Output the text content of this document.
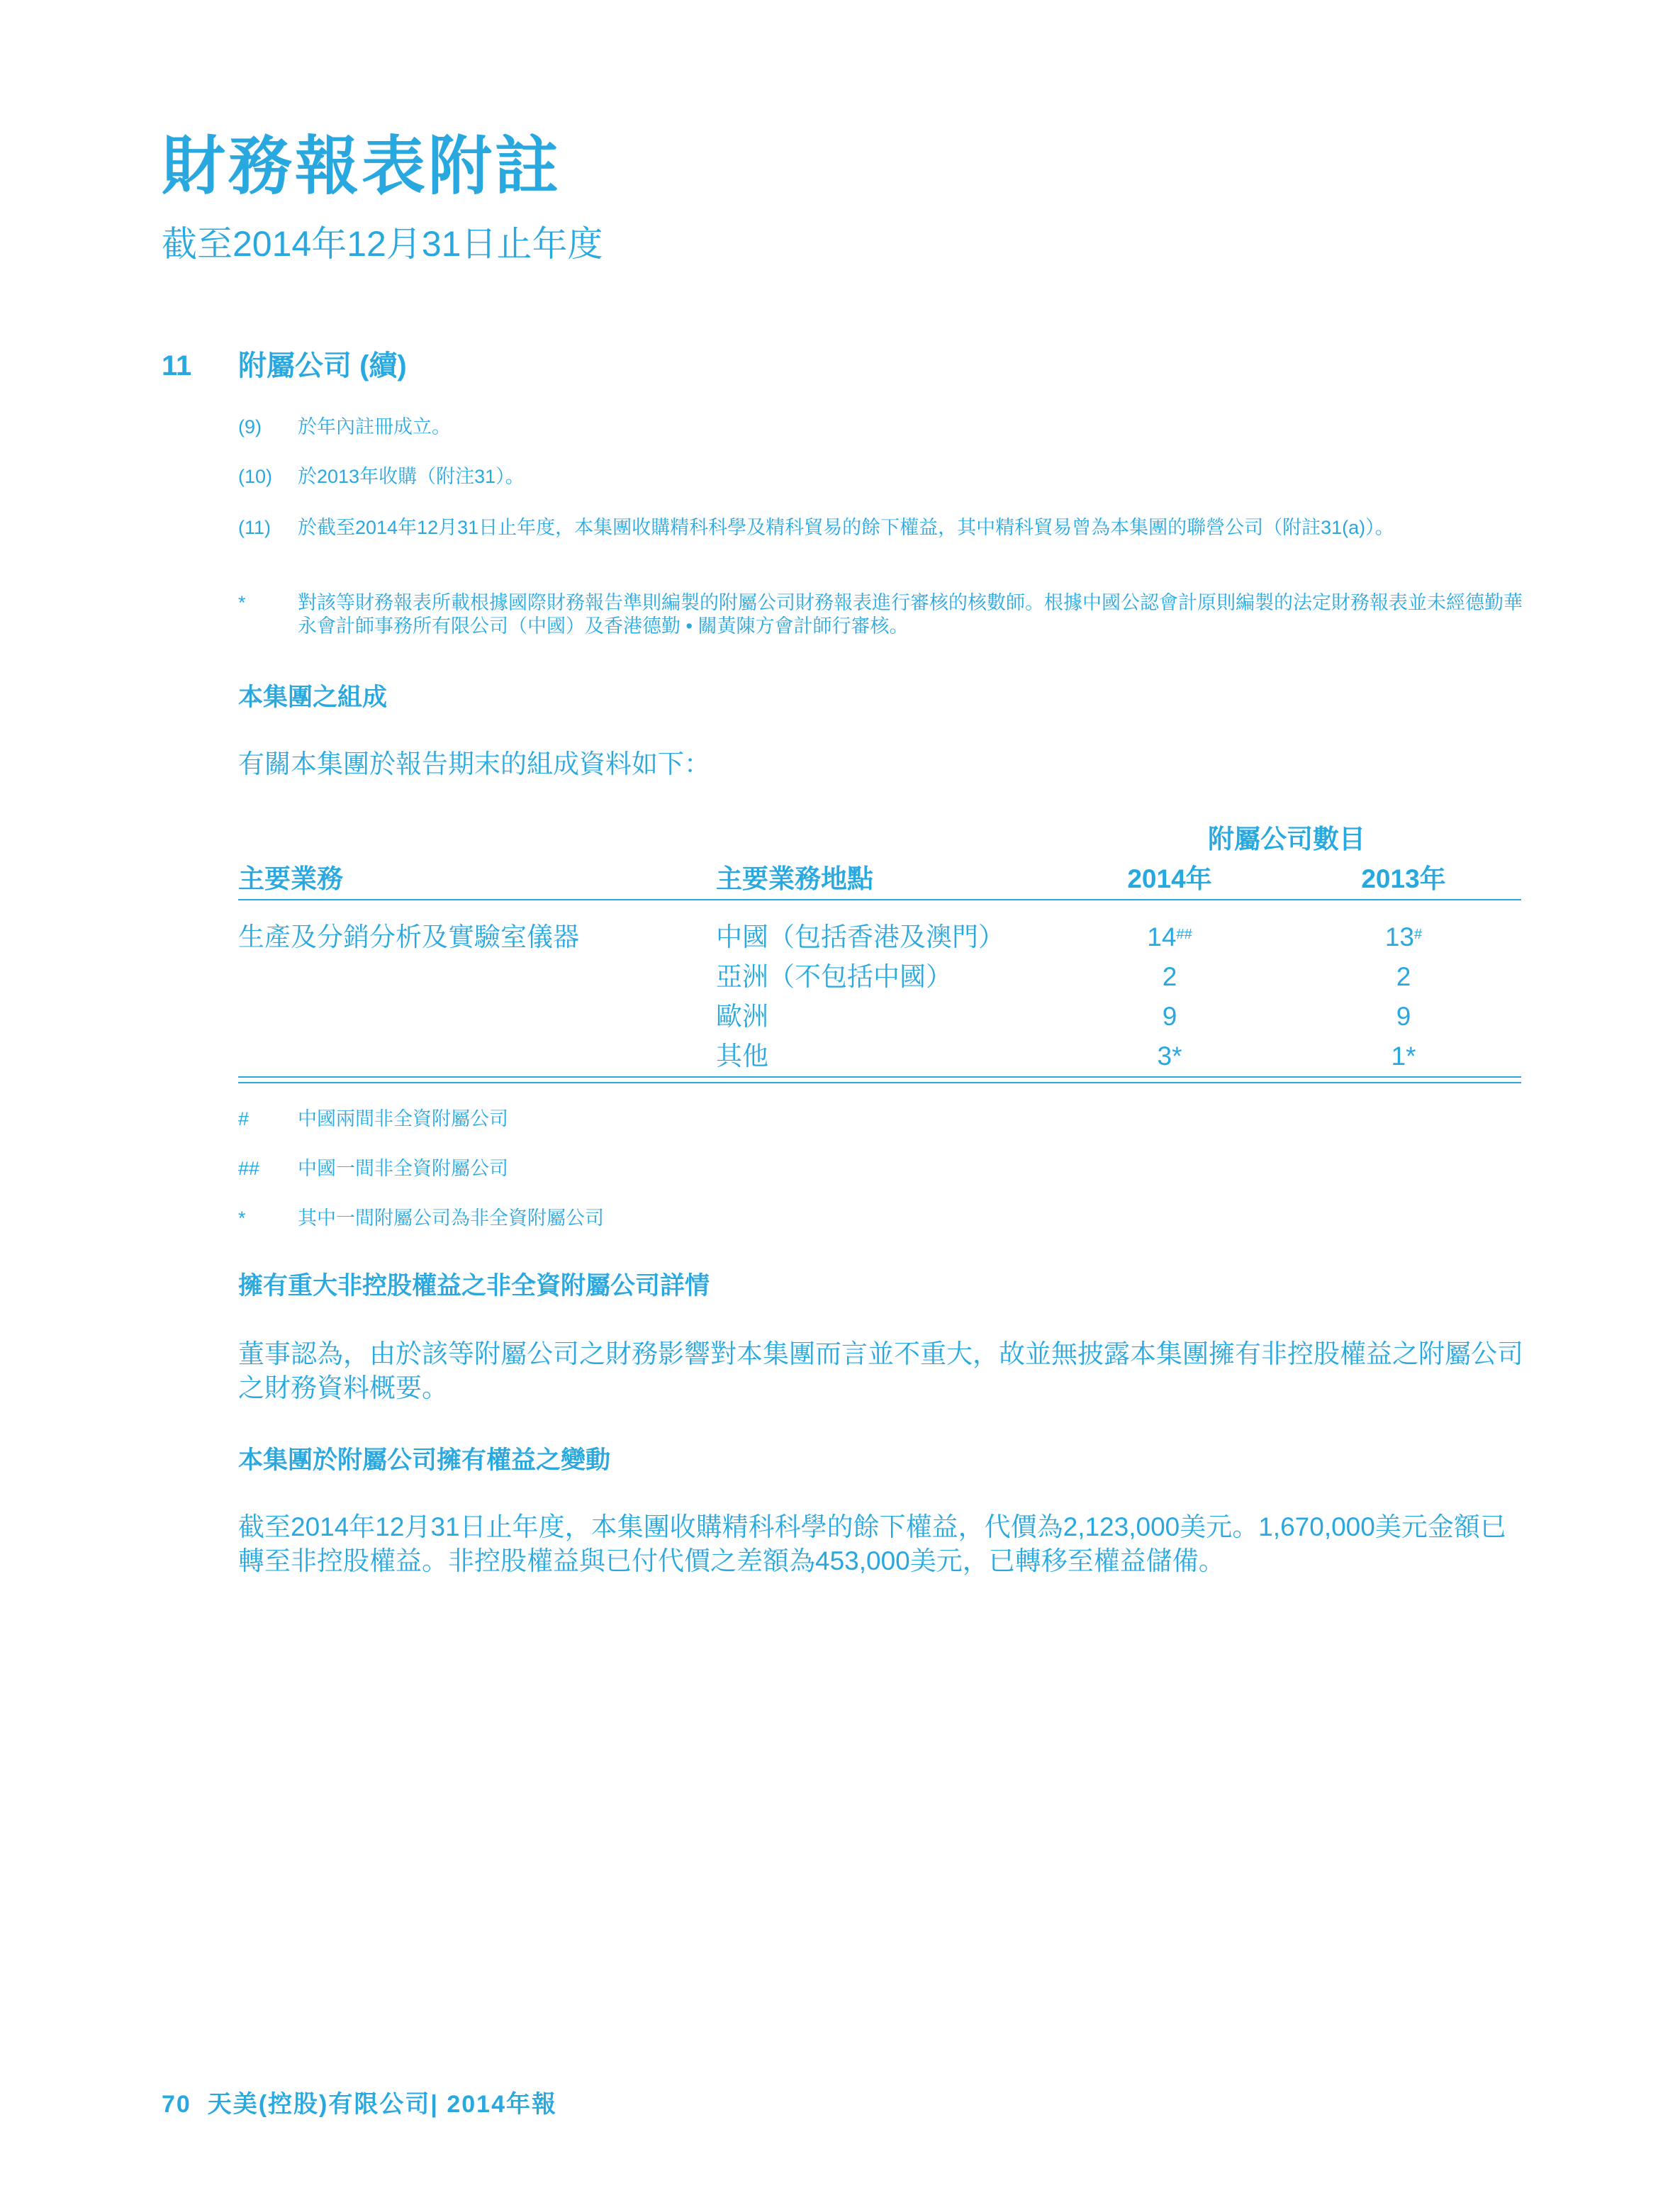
財務報表附註
截至2014年12月31日止年度
11 附屬公司 (續)
(9) 於年內註冊成立。
(10) 於2013年收購（附注31）。
(11) 於截至2014年12月31日止年度，本集團收購精科科學及精科貿易的餘下權益，其中精科貿易曾為本集團的聯營公司（附註31(a)）。
*	對該等財務報表所載根據國際財務報告準則編製的附屬公司財務報表進行審核的核數師。根據中國公認會計原則編製的法定財務報表並未經德勤華永會計師事務所有限公司（中國）及香港德勤 • 關黃陳方會計師行審核。
本集團之組成
有關本集團於報告期末的組成資料如下：
附屬公司數目
主要業務	主要業務地點	2014年	2013年
生產及分銷分析及實驗室儀器	中國（包括香港及澳門）	14##	13#
亞洲（不包括中國）	2	2
歐洲	9	9
其他	3*	1*
#	中國兩間非全資附屬公司
## 中國一間非全資附屬公司
*	其中一間附屬公司為非全資附屬公司
擁有重大非控股權益之非全資附屬公司詳情
董事認為，由於該等附屬公司之財務影響對本集團而言並不重大，故並無披露本集團擁有非控股權益之附屬公司之財務資料概要。
本集團於附屬公司擁有權益之變動
截至2014年12月31日止年度，本集團收購精科科學的餘下權益，代價為2,123,000美元。1,670,000美元金額已轉至非控股權益。非控股權益與已付代價之差額為453,000美元，已轉移至權益儲備。
70 天美(控股)有限公司| 2014年報
